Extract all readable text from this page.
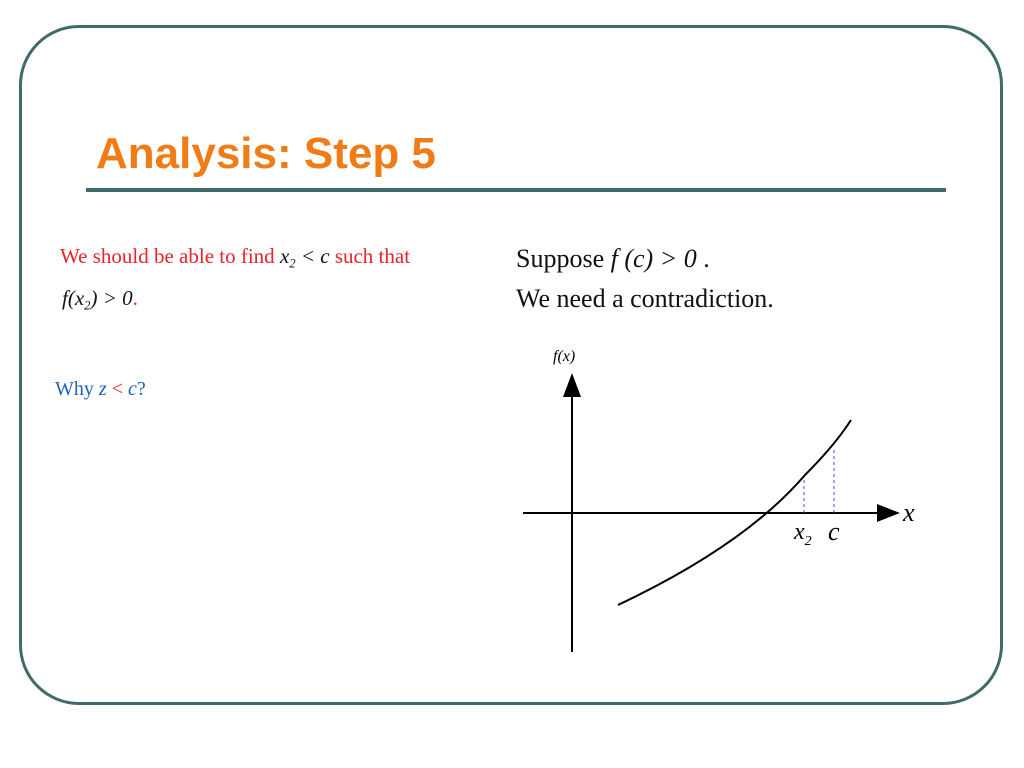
Analysis: Step 5
We should be able to find $x_2 < c$ such that
$f(x_2) > 0$.
Why z < c?
Suppose f (c) > 0 .
We need a contradiction.
f(x)
x
$x_2$ c
